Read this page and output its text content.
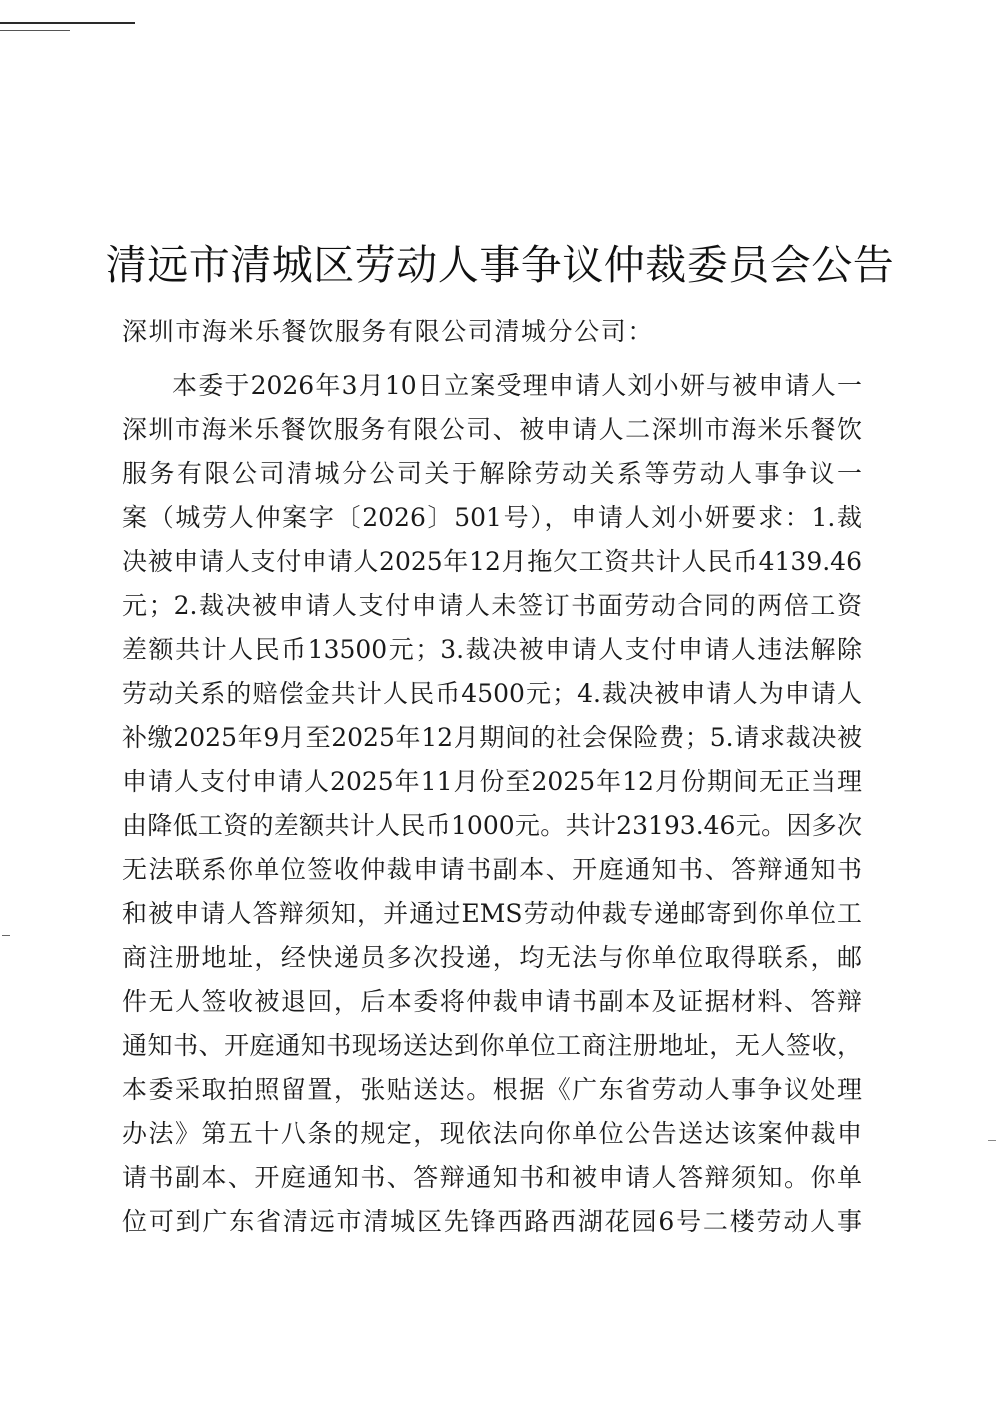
清远市清城区劳动人事争议仲裁委员会公告
深圳市海米乐餐饮服务有限公司清城分公司：
本委于2026年3月10日立案受理申请人刘小妍与被申请人一
深圳市海米乐餐饮服务有限公司、被申请人二深圳市海米乐餐饮
服务有限公司清城分公司关于解除劳动关系等劳动人事争议一
案（城劳人仲案字〔2026〕501号），申请人刘小妍要求：1.裁
决被申请人支付申请人2025年12月拖欠工资共计人民币4139.46
元；2.裁决被申请人支付申请人未签订书面劳动合同的两倍工资
差额共计人民币13500元；3.裁决被申请人支付申请人违法解除
劳动关系的赔偿金共计人民币4500元；4.裁决被申请人为申请人
补缴2025年9月至2025年12月期间的社会保险费；5.请求裁决被
申请人支付申请人2025年11月份至2025年12月份期间无正当理
由降低工资的差额共计人民币1000元。共计23193.46元。因多次
无法联系你单位签收仲裁申请书副本、开庭通知书、答辩通知书
和被申请人答辩须知，并通过EMS劳动仲裁专递邮寄到你单位工
商注册地址，经快递员多次投递，均无法与你单位取得联系，邮
件无人签收被退回，后本委将仲裁申请书副本及证据材料、答辩
通知书、开庭通知书现场送达到你单位工商注册地址，无人签收，
本委采取拍照留置，张贴送达。根据《广东省劳动人事争议处理
办法》第五十八条的规定，现依法向你单位公告送达该案仲裁申
请书副本、开庭通知书、答辩通知书和被申请人答辩须知。你单
位可到广东省清远市清城区先锋西路西湖花园6号二楼劳动人事
